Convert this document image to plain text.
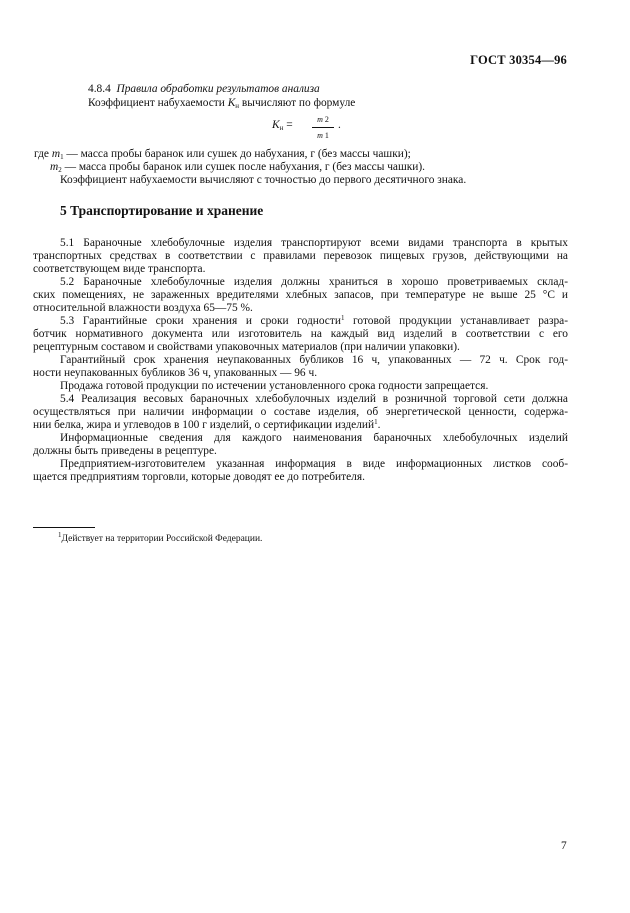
ГОСТ 30354—96
4.8.4 Правила обработки результатов анализа
Коэффициент набухаемости $K_н$ вычисляют по формуле
$K_н$ =	m 2
m 1
.
где $m_1$ — масса пробы баранок или сушек до набухания, г (без массы чашки);
$m_2$ — масса пробы баранок или сушек после набухания, г (без массы чашки).
Коэффициент набухаемости вычисляют с точностью до первого десятичного знака.
5 Транспортирование и хранение
5.1 Бараночные хлебобулочные изделия транспортируют всеми видами транспорта в крытых
транспортных средствах в соответствии с правилами перевозок пищевых грузов, действующими на
соответствующем виде транспорта.
5.2 Бараночные хлебобулочные изделия должны храниться в хорошо проветриваемых склад-
ских помещениях, не зараженных вредителями хлебных запасов, при температуре не выше 25 °С и
относительной влажности воздуха 65—75 %.
5.3 Гарантийные сроки хранения и сроки годности$^1$ готовой продукции устанавливает разра-
ботчик нормативного документа или изготовитель на каждый вид изделий в соответствии с его
рецептурным составом и свойствами упаковочных материалов (при наличии упаковки).
Гарантийный срок хранения неупакованных бубликов 16 ч, упакованных — 72 ч. Срок год-
ности неупакованных бубликов 36 ч, упакованных — 96 ч.
Продажа готовой продукции по истечении установленного срока годности запрещается.
5.4 Реализация весовых бараночных хлебобулочных изделий в розничной торговой сети должна
осуществляться при наличии информации о составе изделия, об энергетической ценности, содержа-
нии белка, жира и углеводов в 100 г изделий, о сертификации изделий$^1$.
Информационные сведения для каждого наименования бараночных хлебобулочных изделий
должны быть приведены в рецептуре.
Предприятием-изготовителем указанная информация в виде информационных листков сооб-
щается предприятиям торговли, которые доводят ее до потребителя.
$^1$Действует на территории Российской Федерации.
7
